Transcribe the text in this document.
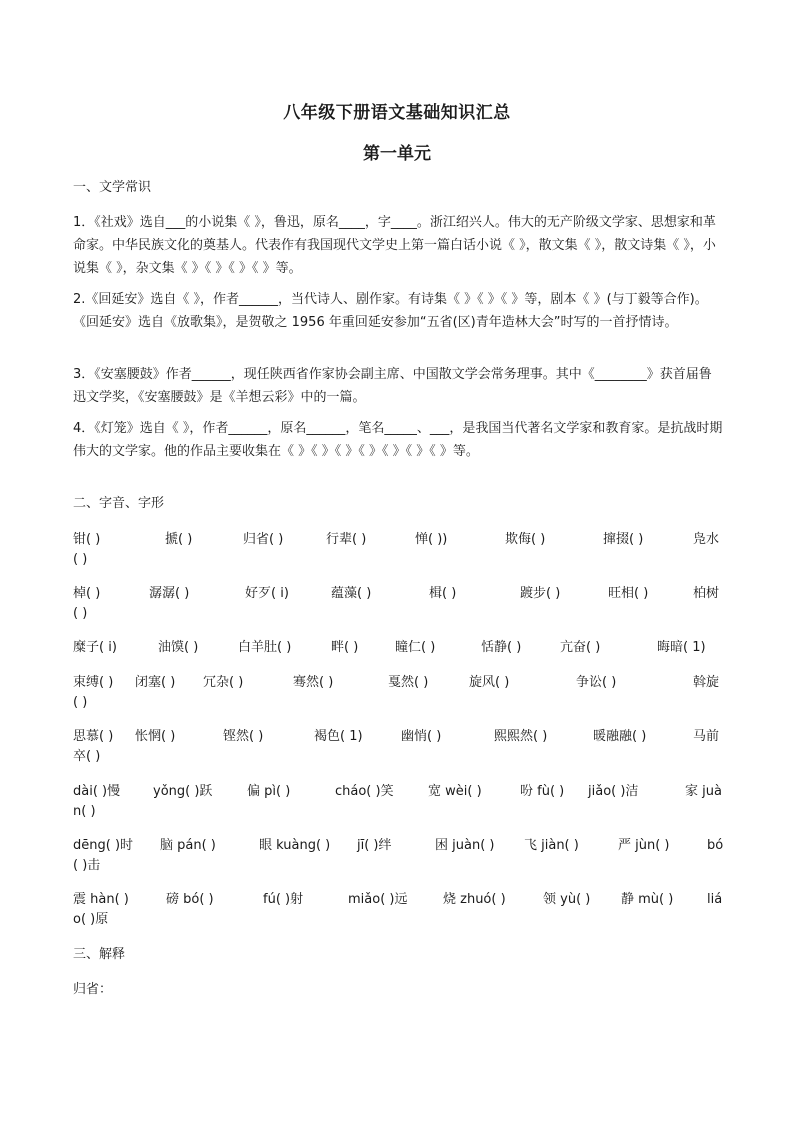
八年级下册语文基础知识汇总
第一单元
一、文学常识
1．《社戏》选自___的小说集《 》，鲁迅，原名____，字____。浙江绍兴人。伟大的无产阶级文学家、思想家和革命家。中华民族文化的奠基人。代表作有我国现代文学史上第一篇白话小说《 》，散文集《 》，散文诗集《 》，小说集《 》，杂文集《 》《 》《 》《 》等。
2.《回延安》选自《 》，作者______，当代诗人、剧作家。有诗集《 》《 》《 》等，剧本《 》(与丁毅等合作)。《回延安》选自《放歌集》，是贺敬之 1956 年重回延安参加“五省(区)青年造林大会”时写的一首抒情诗。
3．《安塞腰鼓》作者______，现任陕西省作家协会副主席、中国散文学会常务理事。其中《________》获首届鲁迅文学奖，《安塞腰鼓》是《羊想云彩》中的一篇。
4．《灯笼》选自《 》，作者______，原名______，笔名_____、___，是我国当代著名文学家和教育家。是抗战时期伟大的文学家。他的作品主要收集在《 》《 》《 》《 》《 》《 》《 》等。
二、字音、字形
钳( )	搋( )	归省( )	行辈( )	惮( ))	欺侮( )	撺掇( )	凫水
( )
棹( )	潺潺( )	好歹( i)	蕴藻( )	楫( )	踱步( )	旺相( )	柏树
( )
糜子( i)	油馍( )	白羊肚( )	畔( )	瞳仁( )	恬静( )	亢奋( )	晦暗( 1)
束缚( ) 闭塞( ) 冗杂( )	骞然( )	戛然( )	旋风( )	争讼( )	斡旋
( )
思慕( ) 怅惘( )	铿然( )	褐色( 1)	幽悄( )	熙熙然( )	暖融融( )	马前
卒( )
dài( )慢	yǒng( )跃	偏 pì( )	cháo( )笑	宽 wèi( )	吩 fù( ) jiǎo( )洁	家 juà
n( )
dēng( )时 脑 pán( )	眼 kuàng( ) jī( )绊	困 juàn( ) 飞 jiàn( )	严 jùn( )	bó
( )击
震 hàn( )	磅 bó( )	fú( )射	miǎo( )远	烧 zhuó( )	领 yù( ) 静 mù( )	liá
o( )原
三、解释
归省：
